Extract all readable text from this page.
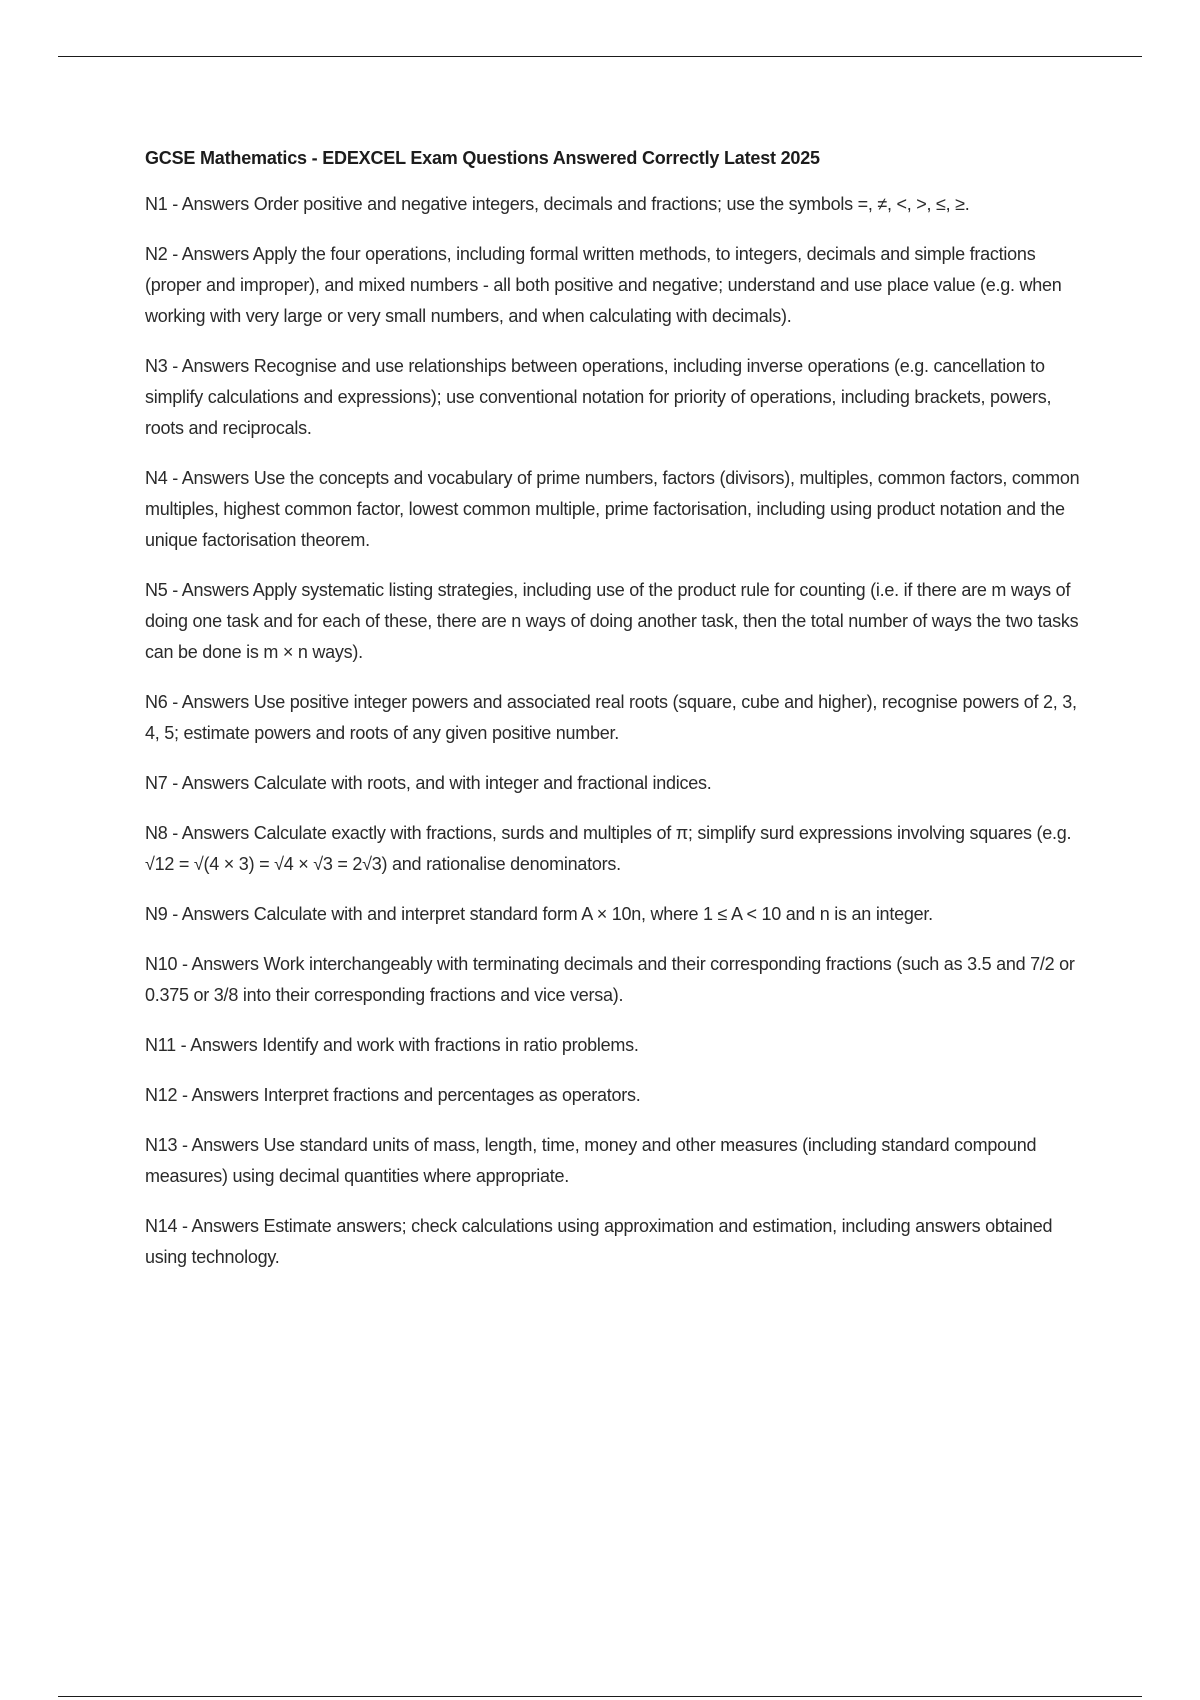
GCSE Mathematics - EDEXCEL Exam Questions Answered Correctly Latest 2025

N1 - Answers Order positive and negative integers, decimals and fractions; use the symbols =, ≠, <, >, ≤, ≥.

N2 - Answers Apply the four operations, including formal written methods, to integers, decimals and simple fractions (proper and improper), and mixed numbers - all both positive and negative; understand and use place value (e.g. when working with very large or very small numbers, and when calculating with decimals).

N3 - Answers Recognise and use relationships between operations, including inverse operations (e.g. cancellation to simplify calculations and expressions); use conventional notation for priority of operations, including brackets, powers, roots and reciprocals.

N4 - Answers Use the concepts and vocabulary of prime numbers, factors (divisors), multiples, common factors, common multiples, highest common factor, lowest common multiple, prime factorisation, including using product notation and the unique factorisation theorem.

N5 - Answers Apply systematic listing strategies, including use of the product rule for counting (i.e. if there are m ways of doing one task and for each of these, there are n ways of doing another task, then the total number of ways the two tasks can be done is m × n ways).

N6 - Answers Use positive integer powers and associated real roots (square, cube and higher), recognise powers of 2, 3, 4, 5; estimate powers and roots of any given positive number.

N7 - Answers Calculate with roots, and with integer and fractional indices.

N8 - Answers Calculate exactly with fractions, surds and multiples of π; simplify surd expressions involving squares (e.g. √12 = √(4 × 3) = √4 × √3 = 2√3) and rationalise denominators.

N9 - Answers Calculate with and interpret standard form A × 10n, where 1 ≤ A < 10 and n is an integer.

N10 - Answers Work interchangeably with terminating decimals and their corresponding fractions (such as 3.5 and 7/2 or 0.375 or 3/8 into their corresponding fractions and vice versa).

N11 - Answers Identify and work with fractions in ratio problems.

N12 - Answers Interpret fractions and percentages as operators.

N13 - Answers Use standard units of mass, length, time, money and other measures (including standard compound measures) using decimal quantities where appropriate.

N14 - Answers Estimate answers; check calculations using approximation and estimation, including answers obtained using technology.
